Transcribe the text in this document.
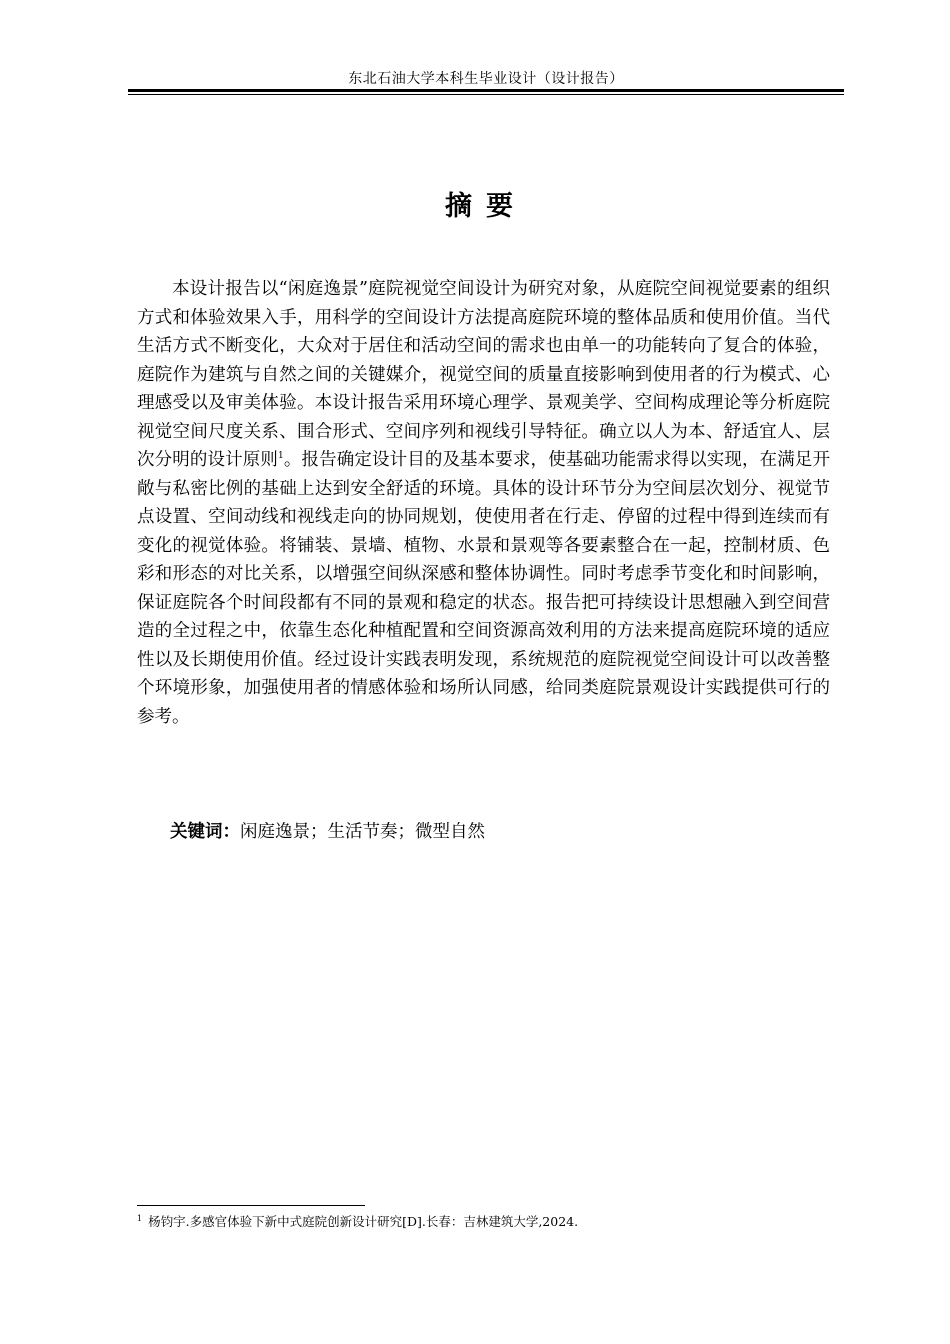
东北石油大学本科生毕业设计（设计报告）
摘要

本设计报告以“闲庭逸景”庭院视觉空间设计为研究对象，从庭院空间视觉要素的组织方式和体验效果入手，用科学的空间设计方法提高庭院环境的整体品质和使用价值。当代生活方式不断变化，大众对于居住和活动空间的需求也由单一的功能转向了复合的体验，庭院作为建筑与自然之间的关键媒介，视觉空间的质量直接影响到使用者的行为模式、心理感受以及审美体验。本设计报告采用环境心理学、景观美学、空间构成理论等分析庭院视觉空间尺度关系、围合形式、空间序列和视线引导特征。确立以人为本、舒适宜人、层次分明的设计原则$^1$。报告确定设计目的及基本要求，使基础功能需求得以实现，在满足开敞与私密比例的基础上达到安全舒适的环境。具体的设计环节分为空间层次划分、视觉节点设置、空间动线和视线走向的协同规划，使使用者在行走、停留的过程中得到连续而有变化的视觉体验。将铺装、景墙、植物、水景和景观等各要素整合在一起，控制材质、色彩和形态的对比关系，以增强空间纵深感和整体协调性。同时考虑季节变化和时间影响，保证庭院各个时间段都有不同的景观和稳定的状态。报告把可持续设计思想融入到空间营造的全过程之中，依靠生态化种植配置和空间资源高效利用的方法来提高庭院环境的适应性以及长期使用价值。经过设计实践表明发现，系统规范的庭院视觉空间设计可以改善整个环境形象，加强使用者的情感体验和场所认同感，给同类庭院景观设计实践提供可行的参考。

关键词：闲庭逸景；生活节奏；微型自然
$^1$ 杨钧宇.多感官体验下新中式庭院创新设计研究[D].长春：吉林建筑大学,2024.
